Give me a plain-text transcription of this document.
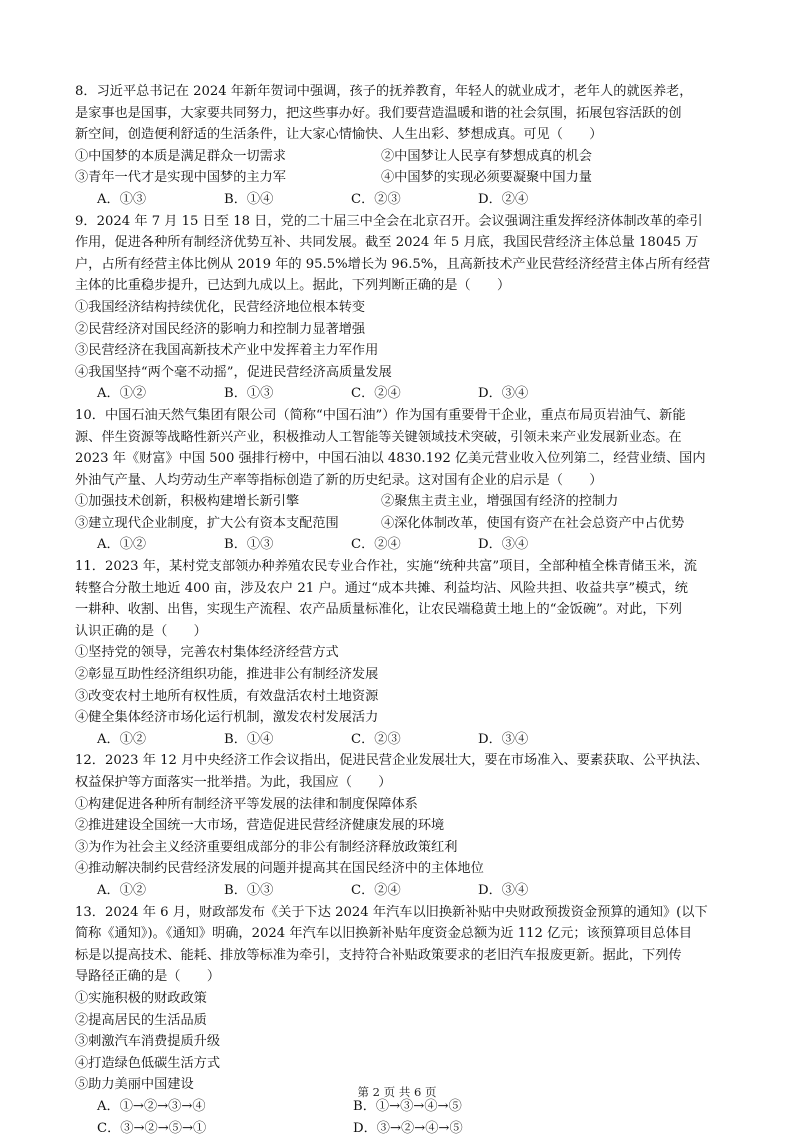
8．习近平总书记在 2024 年新年贺词中强调，孩子的抚养教育，年轻人的就业成才，老年人的就医养老，
是家事也是国事，大家要共同努力，把这些事办好。我们要营造温暖和谐的社会氛围，拓展包容活跃的创
新空间，创造便利舒适的生活条件，让大家心情愉快、人生出彩、梦想成真。可见（　　）
①中国梦的本质是满足群众一切需求	②中国梦让人民享有梦想成真的机会
③青年一代才是实现中国梦的主力军	④中国梦的实现必须要凝聚中国力量
A．①③	B．①④	C．②③	D．②④
9．2024 年 7 月 15 日至 18 日，党的二十届三中全会在北京召开。会议强调注重发挥经济体制改革的牵引
作用，促进各种所有制经济优势互补、共同发展。截至 2024 年 5 月底，我国民营经济主体总量 18045 万
户，占所有经营主体比例从 2019 年的 95.5%增长为 96.5%，且高新技术产业民营经济经营主体占所有经营
主体的比重稳步提升，已达到九成以上。据此，下列判断正确的是（　　）
①我国经济结构持续优化，民营经济地位根本转变
②民营经济对国民经济的影响力和控制力显著增强
③民营经济在我国高新技术产业中发挥着主力军作用
④我国坚持“两个毫不动摇”，促进民营经济高质量发展
A．①②	B．①③	C．②④	D．③④
10．中国石油天然气集团有限公司（简称“中国石油”）作为国有重要骨干企业，重点布局页岩油气、新能
源、伴生资源等战略性新兴产业，积极推动人工智能等关键领域技术突破，引领未来产业发展新业态。在
2023 年《财富》中国 500 强排行榜中，中国石油以 4830.192 亿美元营业收入位列第二，经营业绩、国内
外油气产量、人均劳动生产率等指标创造了新的历史纪录。这对国有企业的启示是（　　）
①加强技术创新，积极构建增长新引擎	②聚焦主责主业，增强国有经济的控制力
③建立现代企业制度，扩大公有资本支配范围	④深化体制改革，使国有资产在社会总资产中占优势
A．①②	B．①③	C．②④	D．③④
11．2023 年，某村党支部领办种养殖农民专业合作社，实施“统种共富”项目，全部种植全株青储玉米，流
转整合分散土地近 400 亩，涉及农户 21 户。通过“成本共摊、利益均沾、风险共担、收益共享”模式，统
一耕种、收割、出售，实现生产流程、农产品质量标准化，让农民端稳黄土地上的“金饭碗”。对此，下列
认识正确的是（　　）
①坚持党的领导，完善农村集体经济经营方式
②彰显互助性经济组织功能，推进非公有制经济发展
③改变农村土地所有权性质，有效盘活农村土地资源
④健全集体经济市场化运行机制，激发农村发展活力
A．①②	B．①④	C．②③	D．③④
12．2023 年 12 月中央经济工作会议指出，促进民营企业发展壮大，要在市场准入、要素获取、公平执法、
权益保护等方面落实一批举措。为此，我国应（　　）
①构建促进各种所有制经济平等发展的法律和制度保障体系
②推进建设全国统一大市场，营造促进民营经济健康发展的环境
③为作为社会主义经济重要组成部分的非公有制经济释放政策红利
④推动解决制约民营经济发展的问题并提高其在国民经济中的主体地位
A．①②	B．①③	C．②④	D．③④
13．2024 年 6 月，财政部发布《关于下达 2024 年汽车以旧换新补贴中央财政预拨资金预算的通知》(以下
简称《通知》)。《通知》明确，2024 年汽车以旧换新补贴年度资金总额为近 112 亿元；该预算项目总体目
标是以提高技术、能耗、排放等标准为牵引，支持符合补贴政策要求的老旧汽车报废更新。据此，下列传
导路径正确的是（　　）
①实施积极的财政政策
②提高居民的生活品质
③刺激汽车消费提质升级
④打造绿色低碳生活方式
⑤助力美丽中国建设
A．①→②→③→④	B．①→③→④→⑤
C．③→②→⑤→①	D．③→②→④→⑤
第 2 页 共 6 页
